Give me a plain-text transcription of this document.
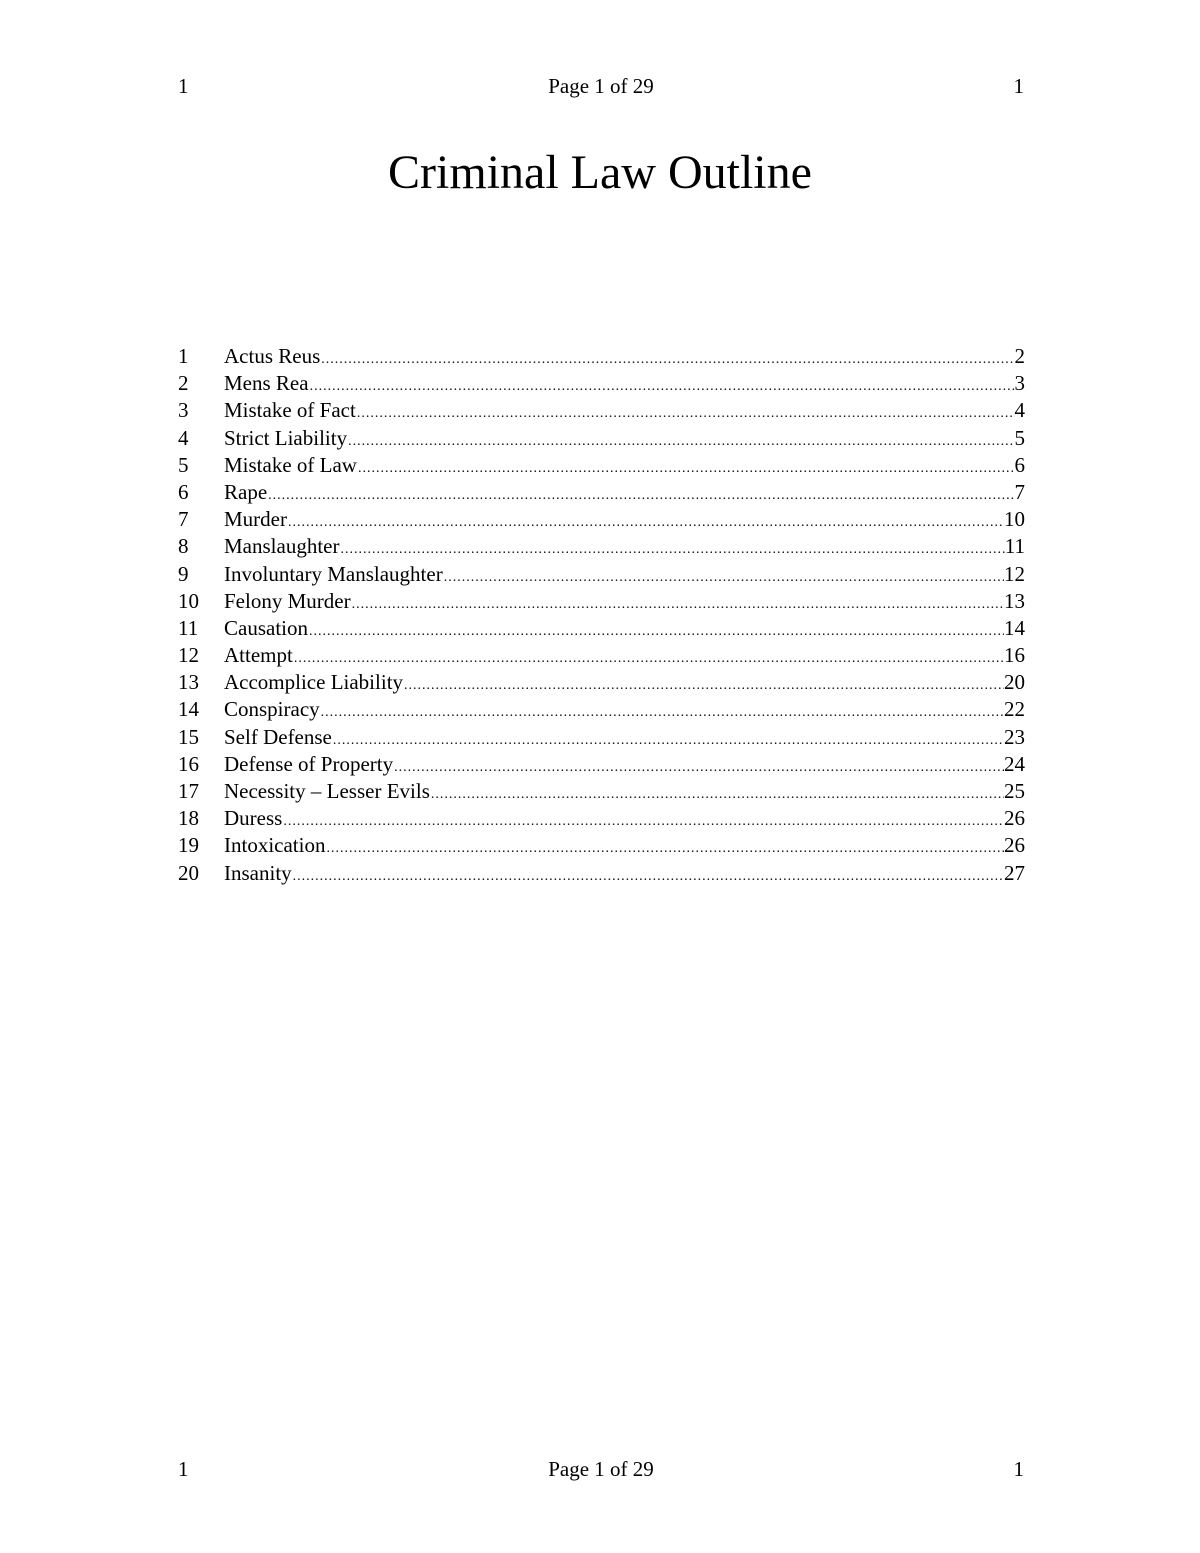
1	Page 1 of 29	1
Criminal Law Outline
1	Actus Reus .....	2
2	Mens Rea .....	3
3	Mistake of Fact .....	4
4	Strict Liability .....	5
5	Mistake of Law .....	6
6	Rape .....	7
7	Murder .....	10
8	Manslaughter .....	11
9	Involuntary Manslaughter .....	12
10	Felony Murder .....	13
11	Causation .....	14
12	Attempt .....	16
13	Accomplice Liability .....	20
14	Conspiracy .....	22
15	Self Defense .....	23
16	Defense of Property .....	24
17	Necessity – Lesser Evils .....	25
18	Duress .....	26
19	Intoxication .....	26
20	Insanity .....	27
1	Page 1 of 29	1
